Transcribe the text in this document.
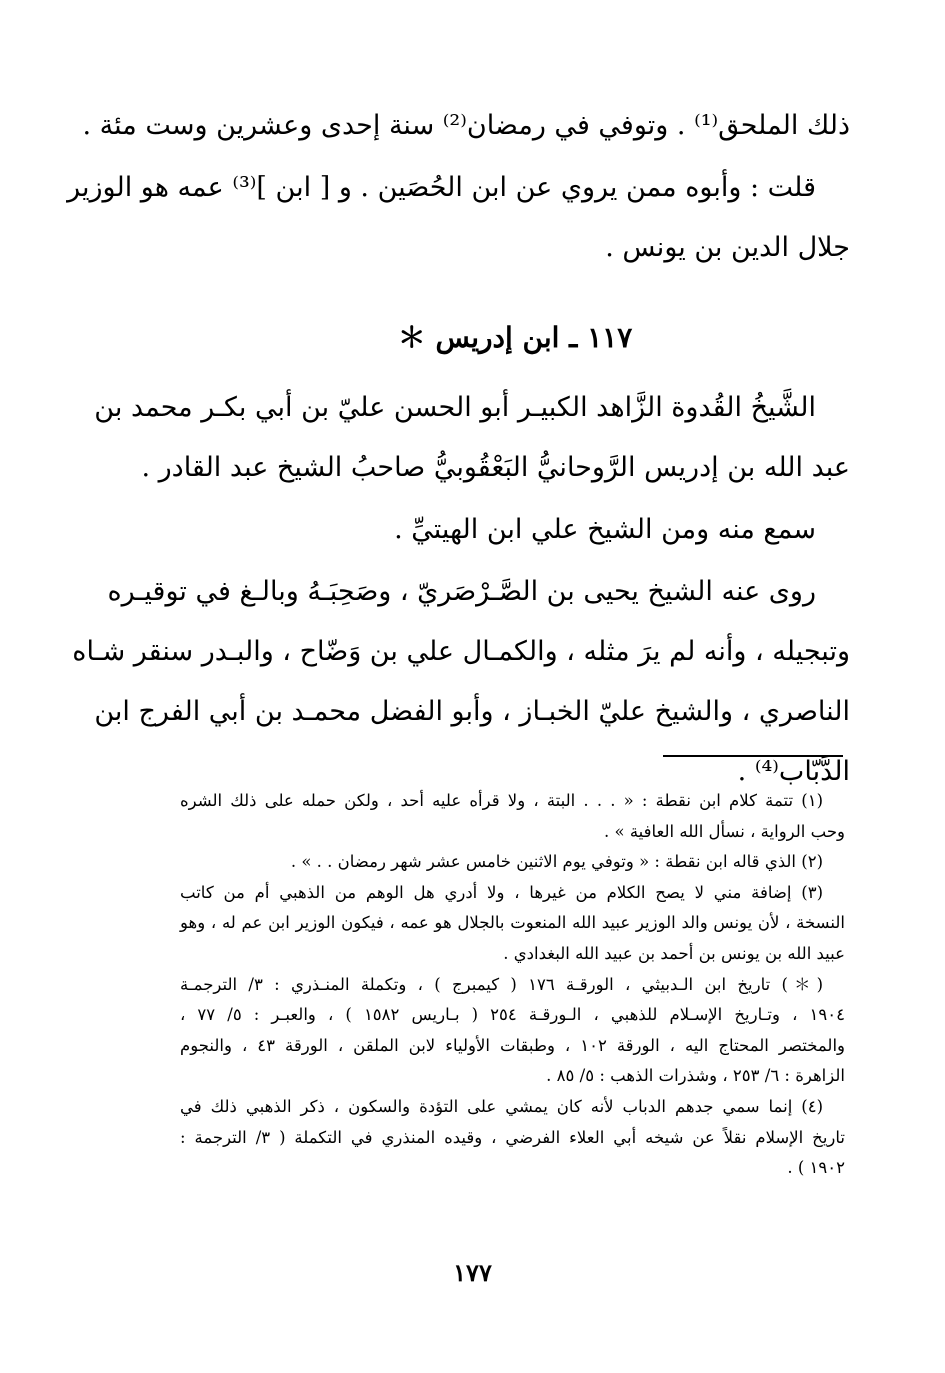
ذلك الملحق⁽¹⁾ . وتوفي في رمضان⁽²⁾ سنة إحدى وعشرين وست مئة .
قلت : وأبوه ممن يروي عن ابن الحُصَين . و [ ابن ]⁽³⁾ عمه هو الوزير
جلال الدين بن يونس .
١١٧ ـ ابن إدريس ＊
الشَّيخُ القُدوة الزَّاهد الكبيـر أبو الحسن عليّ بن أبي بكـر محمد بن
عبد الله بن إدريس الرَّوحانيُّ البَعْقُوبيُّ صاحبُ الشيخ عبد القادر .
سمع منه ومن الشيخ علي ابن الهيتيِّ .
روى عنه الشيخ يحيى بن الصَّـرْصَريّ ، وصَحِبَـهُ وبالـغ في توقيـره
وتبجيله ، وأنه لم يرَ مثله ، والكمـال علي بن وَضّاح ، والبـدر سنقر شـاه
الناصري ، والشيخ عليّ الخبـاز ، وأبو الفضل محمـد بن أبي الفرج ابن
الدَّبّاب⁽⁴⁾ .
(١) تتمة كلام ابن نقطة : « . . . البتة ، ولا قرأه عليه أحد ، ولكن حمله على ذلك الشره
وحب الرواية ، نسأل الله العافية » .
(٢) الذي قاله ابن نقطة : « وتوفي يوم الاثنين خامس عشر شهر رمضان . . » .
(٣) إضافة مني لا يصح الكلام من غيرها ، ولا أدري هل الوهم من الذهبي أم من كاتب
النسخة ، لأن يونس والد الوزير عبيد الله المنعوت بالجلال هو عمه ، فيكون الوزير ابن عم له ، وهو
عبيد الله بن يونس بن أحمد بن عبيد الله البغدادي .
(＊) تاريخ ابن الـدبيثي ، الورقـة ١٧٦ ( كيمبرج ) ، وتكملة المنـذري : ٣/ الترجمـة
١٩٠٤ ، وتـاريخ الإسـلام للذهبي ، الـورقـة ٢٥٤ ( بـاريس ١٥٨٢ ) ، والعبـر : ٥/ ٧٧ ،
والمختصر المحتاج اليه ، الورقة ١٠٢ ، وطبقات الأولياء لابن الملقن ، الورقة ٤٣ ، والنجوم
الزاهرة : ٦/ ٢٥٣ ، وشذرات الذهب : ٥/ ٨٥ .
(٤) إنما سمي جدهم الدباب لأنه كان يمشي على التؤدة والسكون ، ذكر الذهبي ذلك في
تاريخ الإسلام نقلاً عن شيخه أبي العلاء الفرضي ، وقيده المنذري في التكملة ( ٣/ الترجمة :
١٩٠٢ ) .
١٧٧
